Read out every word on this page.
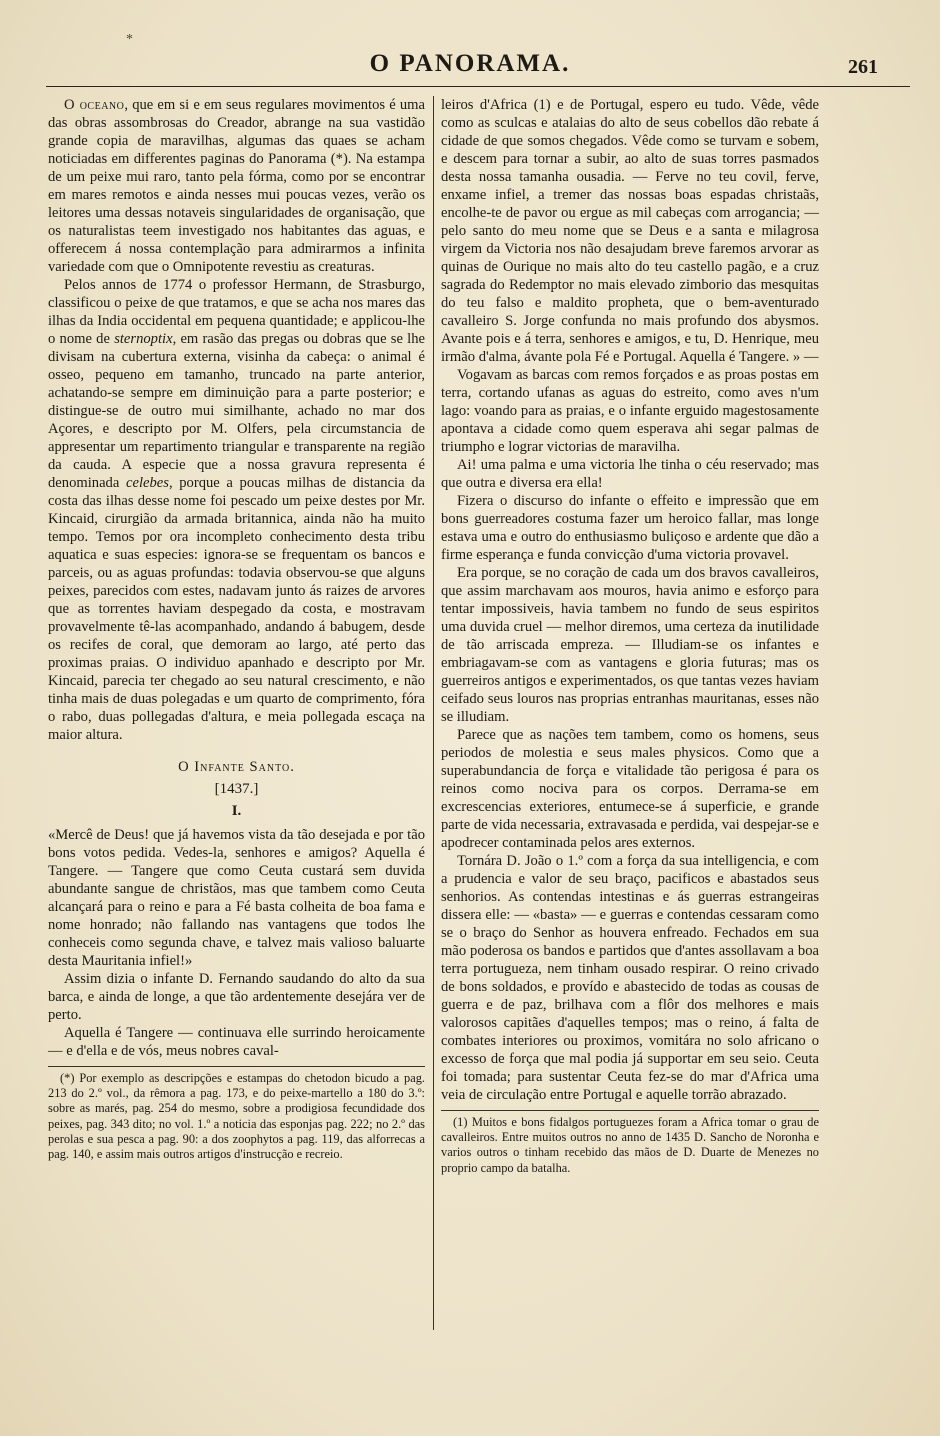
*
O PANORAMA.	261

O oceano, que em si e em seus regulares movimentos é uma das obras assombrosas do Creador, abrange na sua vastidão grande copia de maravilhas, algumas das quaes se acham noticiadas em differentes paginas do Panorama (*). Na estampa de um peixe mui raro, tanto pela fórma, como por se encontrar em mares remotos e ainda nesses mui poucas vezes, verão os leitores uma dessas notaveis singularidades de organisação, que os naturalistas teem investigado nos habitantes das aguas, e offerecem á nossa contemplação para admirarmos a infinita variedade com que o Omnipotente revestiu as creaturas.

Pelos annos de 1774 o professor Hermann, de Strasburgo, classificou o peixe de que tratamos, e que se acha nos mares das ilhas da India occidental em pequena quantidade; e applicou-lhe o nome de sternoptix, em rasão das pregas ou dobras que se lhe divisam na cubertura externa, visinha da cabeça: o animal é osseo, pequeno em tamanho, truncado na parte anterior, achatando-se sempre em diminuição para a parte posterior; e distingue-se de outro mui similhante, achado no mar dos Açores, e descripto por M. Olfers, pela circumstancia de appresentar um repartimento triangular e transparente na região da cauda. A especie que a nossa gravura representa é denominada celebes, porque a poucas milhas de distancia da costa das ilhas desse nome foi pescado um peixe destes por Mr. Kincaid, cirurgião da armada britannica, ainda não ha muito tempo. Temos por ora incompleto conhecimento desta tribu aquatica e suas especies: ignora-se se frequentam os bancos e parceis, ou as aguas profundas: todavia observou-se que alguns peixes, parecidos com estes, nadavam junto ás raizes de arvores que as torrentes haviam despegado da costa, e mostravam provavelmente tê-las acompanhado, andando á babugem, desde os recifes de coral, que demoram ao largo, até perto das proximas praias. O individuo apanhado e descripto por Mr. Kincaid, parecia ter chegado ao seu natural crescimento, e não tinha mais de duas polegadas e um quarto de comprimento, fóra o rabo, duas pollegadas d'altura, e meia pollegada escaça na maior altura.

O Infante Santo.

[1437.]

I.

«Mercê de Deus! que já havemos vista da tão desejada e por tão bons votos pedida. Vedes-la, senhores e amigos? Aquella é Tangere. — Tangere que como Ceuta custará sem duvida abundante sangue de christãos, mas que tambem como Ceuta alcançará para o reino e para a Fé basta colheita de boa fama e nome honrado; não fallando nas vantagens que todos lhe conheceis como segunda chave, e talvez mais valioso baluarte desta Mauritania infiel!»

Assim dizia o infante D. Fernando saudando do alto da sua barca, e ainda de longe, a que tão ardentemente desejára ver de perto.

Aquella é Tangere — continuava elle surrindo heroicamente — e d'ella e de vós, meus nobres caval-

(*) Por exemplo as descripções e estampas do chetodon bicudo a pag. 213 do 2.º vol., da rêmora a pag. 173, e do peixe-martello a 180 do 3.º: sobre as marés, pag. 254 do mesmo, sobre a prodigiosa fecundidade dos peixes, pag. 343 dito; no vol. 1.º a noticia das esponjas pag. 222; no 2.º das perolas e sua pesca a pag. 90: a dos zoophytos a pag. 119, das alforrecas a pag. 140, e assim mais outros artigos d'instrucção e recreio.

leiros d'Africa (1) e de Portugal, espero eu tudo. Vêde, vêde como as sculcas e atalaias do alto de seus cobellos dão rebate á cidade de que somos chegados. Vêde como se turvam e sobem, e descem para tornar a subir, ao alto de suas torres pasmados desta nossa tamanha ousadia. — Ferve no teu covil, ferve, enxame infiel, a tremer das nossas boas espadas christaãs, encolhe-te de pavor ou ergue as mil cabeças com arrogancia; — pelo santo do meu nome que se Deus e a santa e milagrosa virgem da Victoria nos não desajudam breve faremos arvorar as quinas de Ourique no mais alto do teu castello pagão, e a cruz sagrada do Redemptor no mais elevado zimborio das mesquitas do teu falso e maldito propheta, que o bem-aventurado cavalleiro S. Jorge confunda no mais profundo dos abysmos. Avante pois e á terra, senhores e amigos, e tu, D. Henrique, meu irmão d'alma, ávante pola Fé e Portugal. Aquella é Tangere. » —

Vogavam as barcas com remos forçados e as proas postas em terra, cortando ufanas as aguas do estreito, como aves n'um lago: voando para as praias, e o infante erguido magestosamente apontava a cidade como quem esperava ahi segar palmas de triumpho e lograr victorias de maravilha.

Ai! uma palma e uma victoria lhe tinha o céu reservado; mas que outra e diversa era ella!

Fizera o discurso do infante o effeito e impressão que em bons guerreadores costuma fazer um heroico fallar, mas longe estava uma e outro do enthusiasmo buliçoso e ardente que dão a firme esperança e funda convicção d'uma victoria provavel.

Era porque, se no coração de cada um dos bravos cavalleiros, que assim marchavam aos mouros, havia animo e esforço para tentar impossiveis, havia tambem no fundo de seus espiritos uma duvida cruel — melhor diremos, uma certeza da inutilidade de tão arriscada empreza. — Illudiam-se os infantes e embriagavam-se com as vantagens e gloria futuras; mas os guerreiros antigos e experimentados, os que tantas vezes haviam ceifado seus louros nas proprias entranhas mauritanas, esses não se illudiam.

Parece que as nações tem tambem, como os homens, seus periodos de molestia e seus males physicos. Como que a superabundancia de força e vitalidade tão perigosa é para os reinos como nociva para os corpos. Derrama-se em excrescencias exteriores, entumece-se á superficie, e grande parte de vida necessaria, extravasada e perdida, vai despejar-se e apodrecer contaminada pelos ares externos.

Tornára D. João o 1.º com a força da sua intelligencia, e com a prudencia e valor de seu braço, pacificos e abastados seus senhorios. As contendas intestinas e ás guerras estrangeiras dissera elle: — «basta» — e guerras e contendas cessaram como se o braço do Senhor as houvera enfreado. Fechados em sua mão poderosa os bandos e partidos que d'antes assollavam a boa terra portugueza, nem tinham ousado respirar. O reino crivado de bons soldados, e provído e abastecido de todas as cousas de guerra e de paz, brilhava com a flôr dos melhores e mais valorosos capitães d'aquelles tempos; mas o reino, á falta de combates interiores ou proximos, vomitára no solo africano o excesso de força que mal podia já supportar em seu seio. Ceuta foi tomada; para sustentar Ceuta fez-se do mar d'Africa uma veia de circulação entre Portugal e aquelle torrão abrazado.

(1) Muitos e bons fidalgos portuguezes foram a Africa tomar o grau de cavalleiros. Entre muitos outros no anno de 1435 D. Sancho de Noronha e varios outros o tinham recebido das mãos de D. Duarte de Menezes no proprio campo da batalha.
